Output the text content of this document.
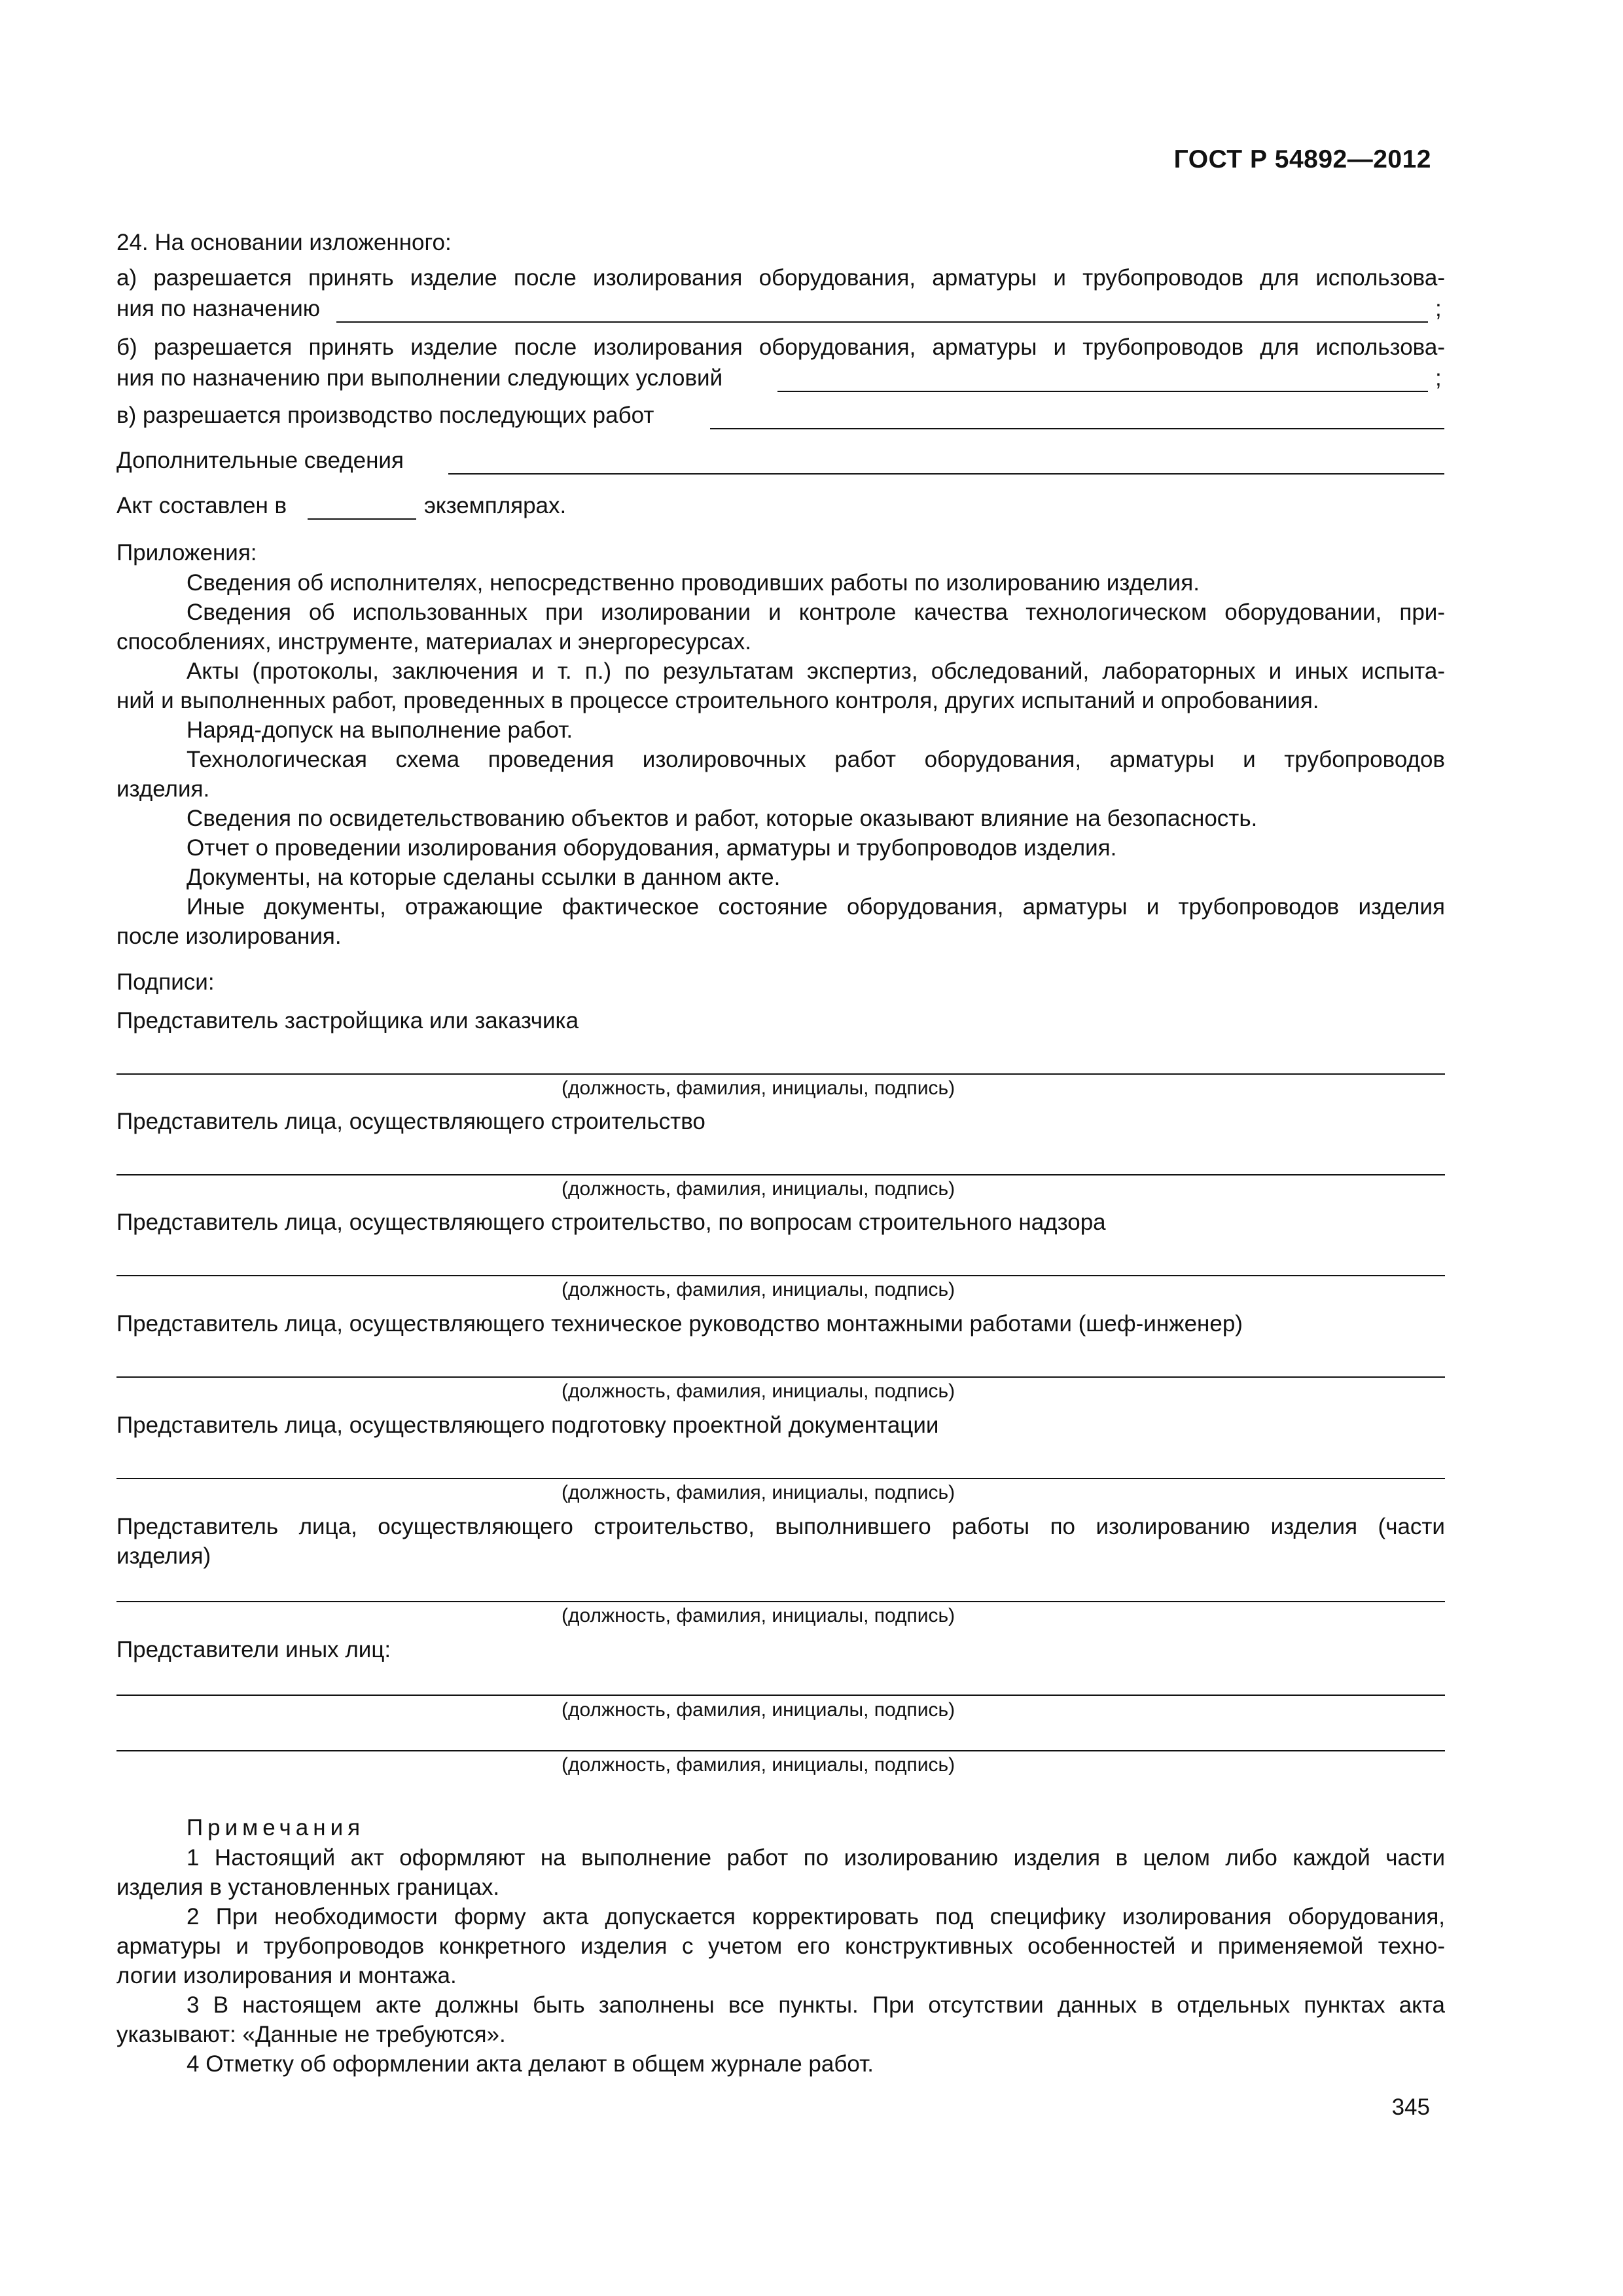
ГОСТ Р 54892—2012
24. На основании изложенного:
а) разрешается принять изделие после изолирования оборудования, арматуры и трубопроводов для использова-
ния по назначению	;
б) разрешается принять изделие после изолирования оборудования, арматуры и трубопроводов для использова-
ния по назначению при выполнении следующих условий	;
в) разрешается производство последующих работ
Дополнительные сведения
Акт составлен в	экземплярах.
Приложения:
Сведения об исполнителях, непосредственно проводивших работы по изолированию изделия.
Сведения об использованных при изолировании и контроле качества технологическом оборудовании, при-
способлениях, инструменте, материалах и энергоресурсах.
Акты (протоколы, заключения и т. п.) по результатам экспертиз, обследований, лабораторных и иных испыта-
ний и выполненных работ, проведенных в процессе строительного контроля, других испытаний и опробованиия.
Наряд-допуск на выполнение работ.
Технологическая схема проведения изолировочных работ оборудования, арматуры и трубопроводов
изделия.
Сведения по освидетельствованию объектов и работ, которые оказывают влияние на безопасность.
Отчет о проведении изолирования оборудования, арматуры и трубопроводов изделия.
Документы, на которые сделаны ссылки в данном акте.
Иные документы, отражающие фактическое состояние оборудования, арматуры и трубопроводов изделия
после изолирования.
Подписи:
Представитель застройщика или заказчика
(должность, фамилия, инициалы, подпись)
Представитель лица, осуществляющего строительство
(должность, фамилия, инициалы, подпись)
Представитель лица, осуществляющего строительство, по вопросам строительного надзора
(должность, фамилия, инициалы, подпись)
Представитель лица, осуществляющего техническое руководство монтажными работами (шеф-инженер)
(должность, фамилия, инициалы, подпись)
Представитель лица, осуществляющего подготовку проектной документации
(должность, фамилия, инициалы, подпись)
Представитель лица, осуществляющего строительство, выполнившего работы по изолированию изделия (части
изделия)
(должность, фамилия, инициалы, подпись)
Представители иных лиц:
(должность, фамилия, инициалы, подпись)
(должность, фамилия, инициалы, подпись)
Примечания
1 Настоящий акт оформляют на выполнение работ по изолированию изделия в целом либо каждой части
изделия в установленных границах.
2 При необходимости форму акта допускается корректировать под специфику изолирования оборудования,
арматуры и трубопроводов конкретного изделия с учетом его конструктивных особенностей и применяемой техно-
логии изолирования и монтажа.
3 В настоящем акте должны быть заполнены все пункты. При отсутствии данных в отдельных пунктах акта
указывают: «Данные не требуются».
4 Отметку об оформлении акта делают в общем журнале работ.
345
